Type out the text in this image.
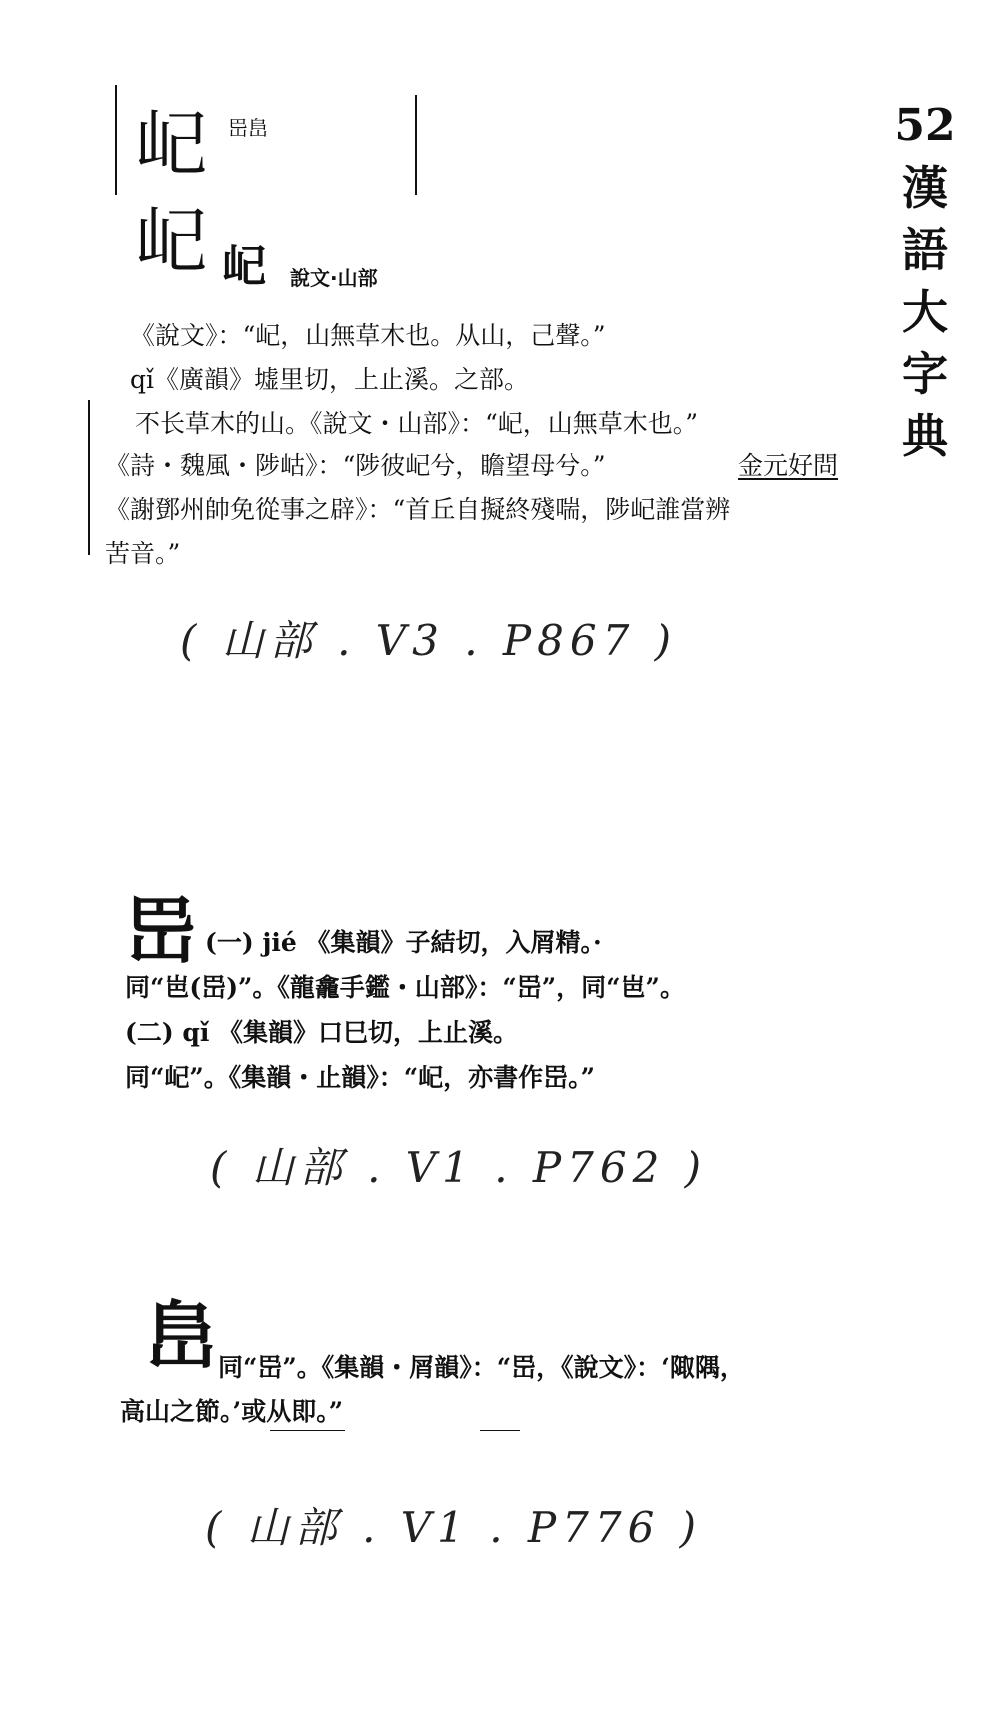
52
漢
語
大
字
典
屺 岊峊
屺 屺 說文·山部
《說文》：“屺，山無草木也。从山，己聲。”
qǐ《廣韻》墟里切，上止溪。之部。
不长草木的山。《說文・山部》：“屺，山無草木也。”
《詩・魏風・陟岵》：“陟彼屺兮，瞻望母兮。”	金元好問
《謝鄧州帥免從事之辟》：“首丘自擬終殘喘，陟屺誰當辨
苦音。”
( 山部 . V3 . P867 )
岊 (一) jié 《集韻》子結切，入屑精。·
同“岜(岊)”。《龍龕手鑑・山部》：“岊”，同“岜”。
(二) qǐ 《集韻》口巳切，上止溪。
同“屺”。《集韻・止韻》：“屺，亦書作岊。”
( 山部 . V1 . P762 )
峊 同“岊”。《集韻・屑韻》：“岊，《說文》：‘陬隅，
高山之節。’或从即。”
( 山部 . V1 . P776 )
